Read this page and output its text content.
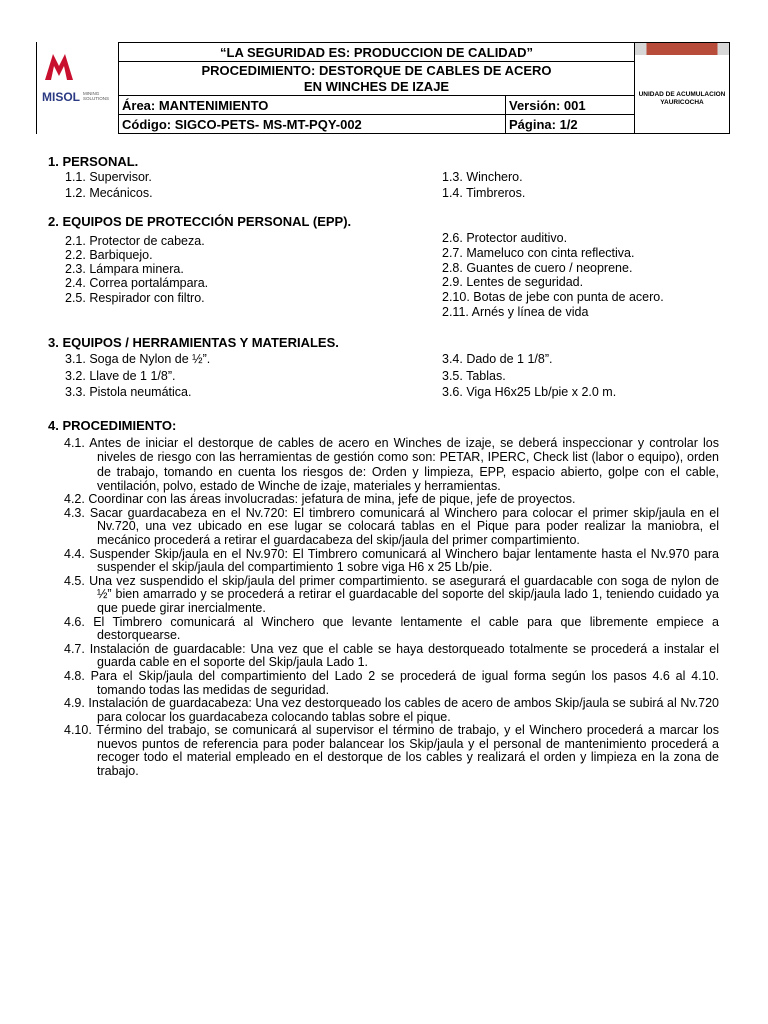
MISOL MINING SOLUTIONS
“LA SEGURIDAD ES: PRODUCCION DE CALIDAD”		UNIDAD DE ACUMULACION YAURICOCHA

PROCEDIMIENTO: DESTORQUE DE CABLES DE ACERO
EN WINCHES DE IZAJE		

Área: MANTENIMIENTO	Versión: 001	
Código: SIGCO-PETS- MS-MT-PQY-002	Página: 1/2	
1. PERSONAL.
1.1. Supervisor.
1.2. Mecánicos.
1.3. Winchero.
1.4. Timbreros.
2. EQUIPOS DE PROTECCIÓN PERSONAL (EPP).
2.1. Protector de cabeza.
2.2. Barbiquejo.
2.3. Lámpara minera.
2.4. Correa portalámpara.
2.5. Respirador con filtro.
2.6. Protector auditivo.
2.7. Mameluco con cinta reflectiva.
2.8. Guantes de cuero / neoprene.
2.9. Lentes de seguridad.
2.10. Botas de jebe con punta de acero.
2.11. Arnés y línea de vida
3. EQUIPOS / HERRAMIENTAS Y MATERIALES.
3.1. Soga de Nylon de ½”.
3.2. Llave de 1 1/8”.
3.3. Pistola neumática.
3.4. Dado de 1 1/8”.
3.5. Tablas.
3.6. Viga H6x25 Lb/pie x 2.0 m.
4. PROCEDIMIENTO:
4.1. Antes de iniciar el destorque de cables de acero en Winches de izaje, se deberá inspeccionar y controlar los niveles de riesgo con las herramientas de gestión como son: PETAR, IPERC, Check list (labor o equipo), orden de trabajo, tomando en cuenta los riesgos de: Orden y limpieza, EPP, espacio abierto, golpe con el cable, ventilación, polvo, estado de Winche de izaje, materiales y herramientas.
4.2. Coordinar con las áreas involucradas: jefatura de mina, jefe de pique, jefe de proyectos.
4.3. Sacar guardacabeza en el Nv.720: El timbrero comunicará al Winchero para colocar el primer skip/jaula en el Nv.720, una vez ubicado en ese lugar se colocará tablas en el Pique para poder realizar la maniobra, el mecánico procederá a retirar el guardacabeza del skip/jaula del primer compartimiento.
4.4. Suspender Skip/jaula en el Nv.970: El Timbrero comunicará al Winchero bajar lentamente hasta el Nv.970 para suspender el skip/jaula del compartimiento 1 sobre viga H6 x 25 Lb/pie.
4.5. Una vez suspendido el skip/jaula del primer compartimiento. se asegurará el guardacable con soga de nylon de ½” bien amarrado y se procederá a retirar el guardacable del soporte del skip/jaula lado 1, teniendo cuidado ya que puede girar inercialmente.
4.6. El Timbrero comunicará al Winchero que levante lentamente el cable para que libremente empiece a destorquearse.
4.7. Instalación de guardacable: Una vez que el cable se haya destorqueado totalmente se procederá a instalar el guarda cable en el soporte del Skip/jaula Lado 1.
4.8. Para el Skip/jaula del compartimiento del Lado 2 se procederá de igual forma según los pasos 4.6 al 4.10. tomando todas las medidas de seguridad.
4.9. Instalación de guardacabeza: Una vez destorqueado los cables de acero de ambos Skip/jaula se subirá al Nv.720 para colocar los guardacabeza colocando tablas sobre el pique.
4.10. Término del trabajo, se comunicará al supervisor el término de trabajo, y el Winchero procederá a marcar los nuevos puntos de referencia para poder balancear los Skip/jaula y el personal de mantenimiento procederá a recoger todo el material empleado en el destorque de los cables y realizará el orden y limpieza en la zona de trabajo.
